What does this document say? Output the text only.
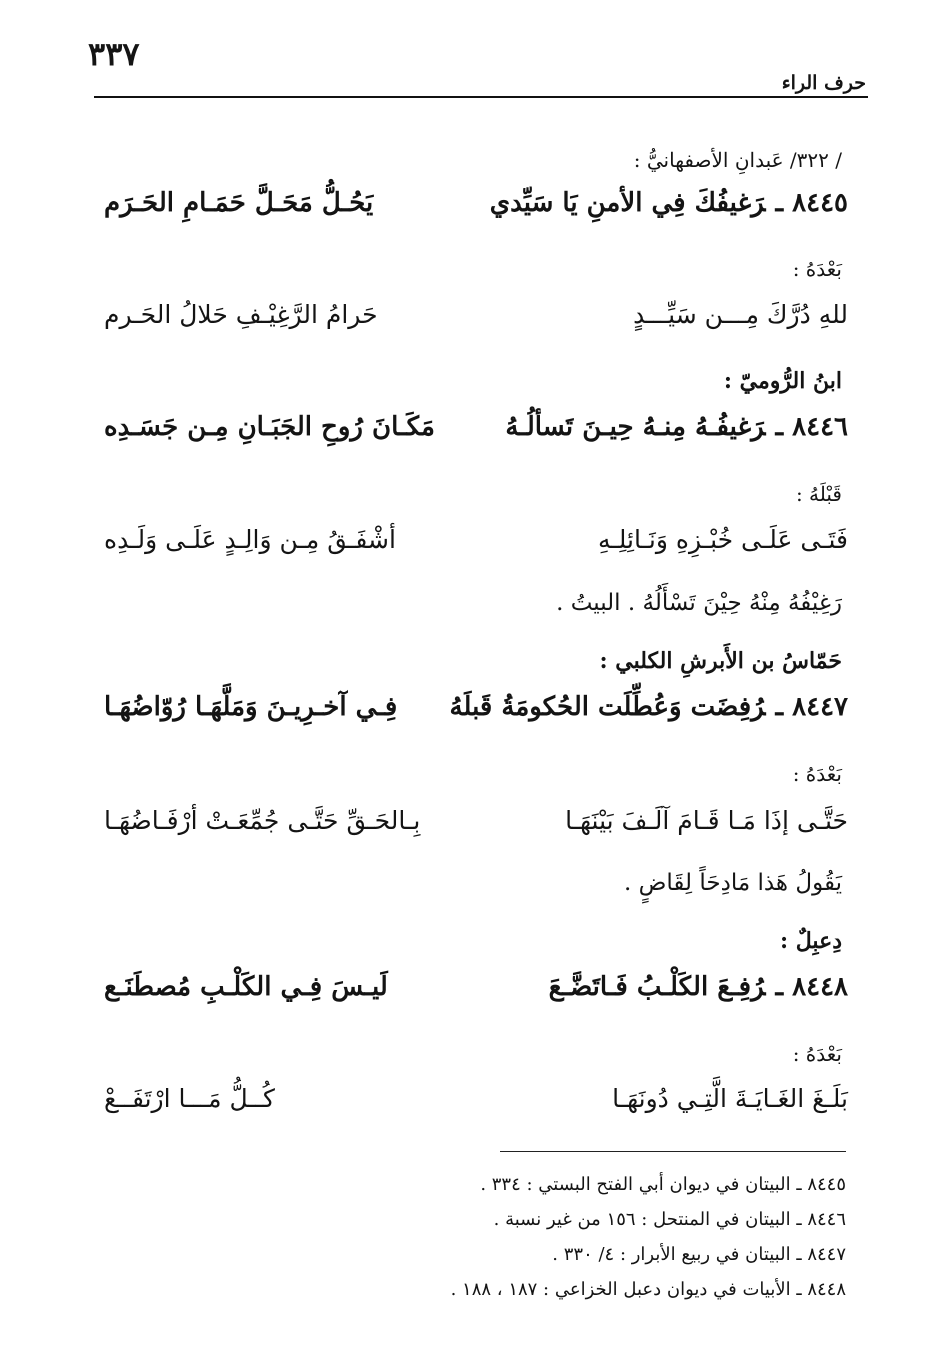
٣٣٧
حرف الراء
/ ٣٢٢/ عَبدانِ الأصفهانيُّ :
٨٤٤٥ ـرَغيفُكَ فِي الأمنِ يَا سَيِّدي
يَحُـلُّ مَحَـلَّ حَمَـامِ الحَـرَم
بَعْدَهُ :
للهِ دُرَّكَ مِـــن سَيِّـــدٍ
حَرامُ الرَّغِيْـفِ حَلالُ الحَـرم
ابنُ الرُّوميّ :
٨٤٤٦ ـرَغيفُـهُ مِنـهُ حِيـنَ تَسألُـهُ
مَكَـانَ رُوحِ الجَبَـانِ مِـن جَسَـدِه
قَبْلَهُ :
فَتَـى عَلَـى خُبْـزِهِ وَنَـائِلِـهِ
أشْفَـقُ مِـن وَالِـدٍ عَلَـى وَلَـدِه
رَغِيْفُهُ مِنْهُ حِيْنَ تَسْأَلُهُ . البيتُ .
حَمّاسُ بن الأَبرشِ الكلبي :
٨٤٤٧ ـرُفِضَت وَعُطِّلَت الحُكومَةُ قَبلَهُ
فِـي آخـرِيـنَ وَمَلَّهَـا رُوّاضُهَـا
بَعْدَهُ :
حَتَّـى إذَا مَـا قَـامَ آلَـفَ بَيْنَهَـا
بِـالحَـقِّ حَتَّـى جُمِّعَـتْ أرْفَـاضُهَـا
يَقُولُ هَذا مَادِحَاً لِقَاضٍ .
دِعبِلٌ :
٨٤٤٨ ـرُفِـعَ الكَلْـبُ فَـاتَضَّـعَ
لَيـسَ فِـي الكَلْـبِ مُصطَنَـع
بَعْدَهُ :
بَلَـغَ الغَـايَـةَ الَّتِـي دُونَهَـا
كُــلُّ مَـــا ارْتَفَــعْ
٨٤٤٥ ـ البيتان في ديوان أبي الفتح البستي : ٣٣٤ .
٨٤٤٦ ـ البيتان في المنتحل : ١٥٦ من غير نسبة .
٨٤٤٧ ـ البيتان في ربيع الأبرار : ٤/ ٣٣٠ .
٨٤٤٨ ـ الأبيات في ديوان دعبل الخزاعي : ١٨٧ ، ١٨٨ .
